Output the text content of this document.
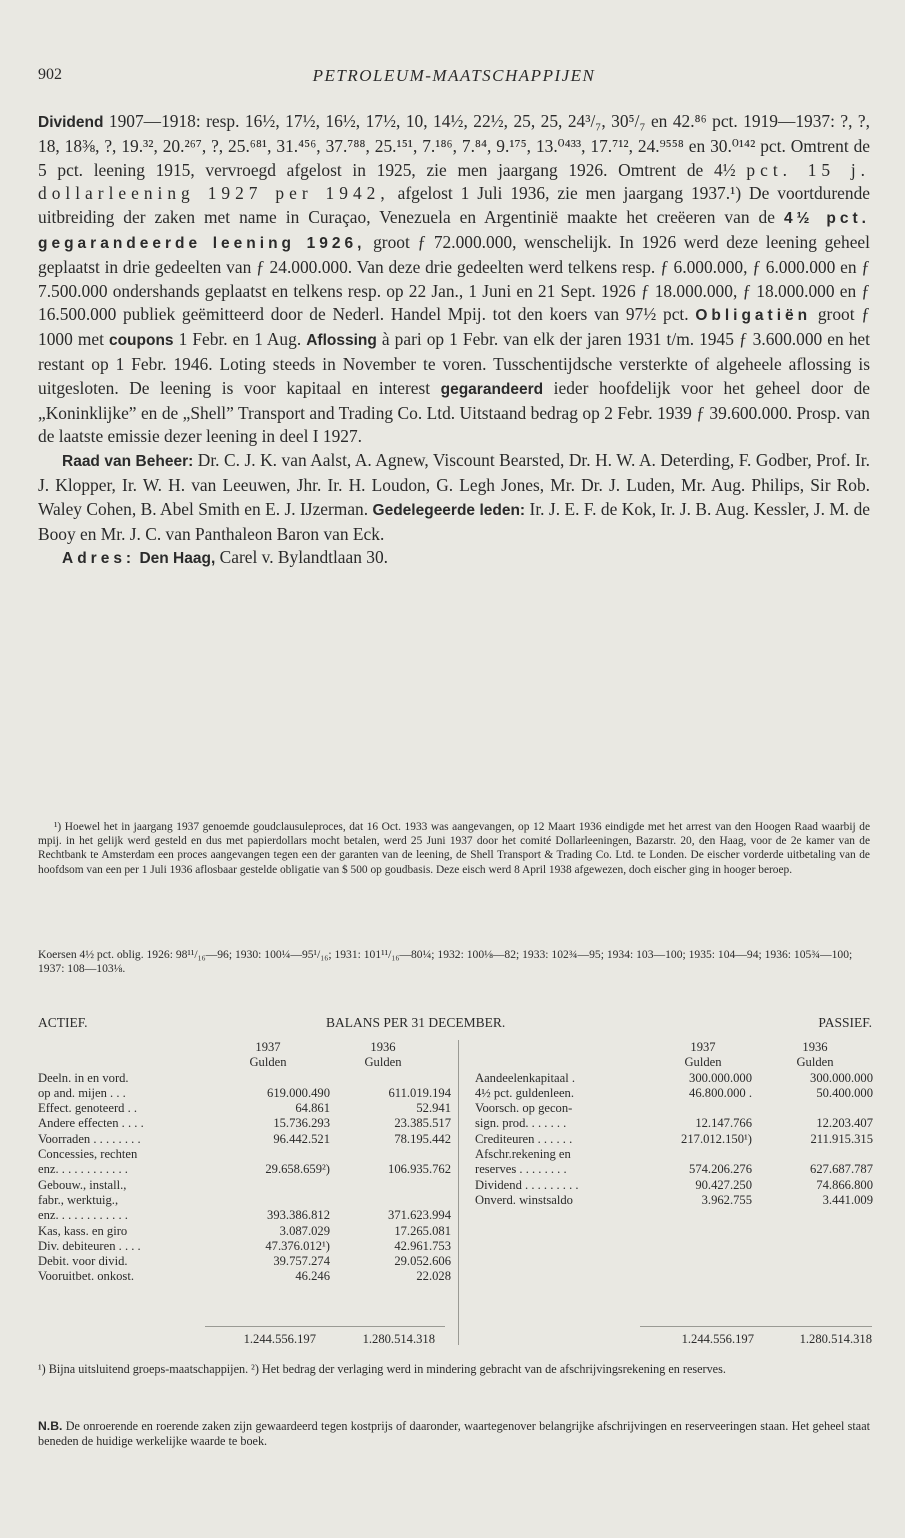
902	PETROLEUM-MAATSCHAPPIJEN

Dividend 1907—1918: resp. 16½, 17½, 16½, 17½, 10, 14½, 22½, 25, 25, 24³/₇, 30⁵/₇ en 42.⁸⁶ pct. 1919—1937: ?, ?, 18, 18⅜, ?, 19.³², 20.²⁶⁷, ?, 25.⁶⁸¹, 31.⁴⁵⁶, 37.⁷⁸⁸, 25.¹⁵¹, 7.¹⁸⁶, 7.⁸⁴, 9.¹⁷⁵, 13.⁰⁴³³, 17.⁷¹², 24.⁹⁵⁵⁸ en 30.⁰¹⁴² pct. Omtrent de 5 pct. leening 1915, vervroegd afgelost in 1925, zie men jaargang 1926. Omtrent de 4½ pct. 15 j. dollarleening 1927 per 1942, afgelost 1 Juli 1936, zie men jaargang 1937.¹) De voortdurende uitbreiding der zaken met name in Curaçao, Venezuela en Argentinië maakte het creëeren van de 4½ pct. gegarandeerde leening 1926, groot ƒ 72.000.000, wenschelijk. In 1926 werd deze leening geheel geplaatst in drie gedeelten van ƒ 24.000.000. Van deze drie gedeelten werd telkens resp. ƒ 6.000.000, ƒ 6.000.000 en ƒ 7.500.000 ondershands geplaatst en telkens resp. op 22 Jan., 1 Juni en 21 Sept. 1926 ƒ 18.000.000, ƒ 18.000.000 en ƒ 16.500.000 publiek geëmitteerd door de Nederl. Handel Mpij. tot den koers van 97½ pct. Obligatiën groot ƒ 1000 met coupons 1 Febr. en 1 Aug. Aflossing à pari op 1 Febr. van elk der jaren 1931 t/m. 1945 ƒ 3.600.000 en het restant op 1 Febr. 1946. Loting steeds in November te voren. Tusschentijdsche versterkte of algeheele aflossing is uitgesloten. De leening is voor kapitaal en interest gegarandeerd ieder hoofdelijk voor het geheel door de „Koninklijke” en de „Shell” Transport and Trading Co. Ltd. Uitstaand bedrag op 2 Febr. 1939 ƒ 39.600.000. Prosp. van de laatste emissie dezer leening in deel I 1927.

Raad van Beheer: Dr. C. J. K. van Aalst, A. Agnew, Viscount Bearsted, Dr. H. W. A. Deterding, F. Godber, Prof. Ir. J. Klopper, Ir. W. H. van Leeuwen, Jhr. Ir. H. Loudon, G. Legh Jones, Mr. Dr. J. Luden, Mr. Aug. Philips, Sir Rob. Waley Cohen, B. Abel Smith en E. J. IJzerman. Gedelegeerde leden: Ir. J. E. F. de Kok, Ir. J. B. Aug. Kessler, J. M. de Booy en Mr. J. C. van Panthaleon Baron van Eck.

Adres: Den Haag, Carel v. Bylandtlaan 30.

¹) Hoewel het in jaargang 1937 genoemde goudclausuleproces, dat 16 Oct. 1933 was aangevangen, op 12 Maart 1936 eindigde met het arrest van den Hoogen Raad waarbij de mpij. in het gelijk werd gesteld en dus met papierdollars mocht betalen, werd 25 Juni 1937 door het comité Dollarleeningen, Bazarstr. 20, den Haag, voor de 2e kamer van de Rechtbank te Amsterdam een proces aangevangen tegen een der garanten van de leening, de Shell Transport & Trading Co. Ltd. te Londen. De eischer vorderde uitbetaling van de hoofdsom van een per 1 Juli 1936 aflosbaar gestelde obligatie van $ 500 op goudbasis. Deze eisch werd 8 April 1938 afgewezen, doch eischer ging in hooger beroep.
Koersen 4½ pct. oblig. 1926: 98¹¹/₁₆—96; 1930: 100¼—95¹/₁₆; 1931: 101¹¹/₁₆—80¼; 1932: 100⅛—82; 1933: 102¾—95; 1934: 103—100; 1935: 104—94; 1936: 105¾—100; 1937: 108—103⅛.
ACTIEF.	BALANS PER 31 DECEMBER.	PASSIEF.
1937	1936
Gulden	Gulden
Deeln. in en vord.
op and. mijen . . .	619.000.490	611.019.194
Effect. genoteerd . .	64.861	52.941
Andere effecten . . . .	15.736.293	23.385.517
Voorraden . . . . . . . .	96.442.521	78.195.442
Concessies, rechten
enz. . . . . . . . . . . .	29.658.659²)	106.935.762
Gebouw., install.,
fabr., werktuig.,
enz. . . . . . . . . . . .	393.386.812	371.623.994
Kas, kass. en giro	3.087.029	17.265.081
Div. debiteuren . . . .	47.376.012¹)	42.961.753
Debit. voor divid.	39.757.274	29.052.606
Vooruitbet. onkost.	46.246	22.028
1937	1936
Gulden	Gulden
Aandeelenkapitaal .	300.000.000	300.000.000
4½ pct. guldenleen.	46.800.000 .	50.400.000
Voorsch. op gecon-
sign. prod. . . . . . .	12.147.766	12.203.407
Crediteuren . . . . . .	217.012.150¹)	211.915.315
Afschr.rekening en
reserves . . . . . . . .	574.206.276	627.687.787
Dividend . . . . . . . . .	90.427.250	74.866.800
Onverd. winstsaldo	3.962.755	3.441.009
1.244.556.197	1.280.514.318	1.244.556.197	1.280.514.318
¹) Bijna uitsluitend groeps-maatschappijen. ²) Het bedrag der verlaging werd in mindering gebracht van de afschrijvingsrekening en reserves.
N.B. De onroerende en roerende zaken zijn gewaardeerd tegen kostprijs of daaronder, waartegenover belangrijke afschrijvingen en reserveeringen staan. Het geheel staat beneden de huidige werkelijke waarde te boek.
